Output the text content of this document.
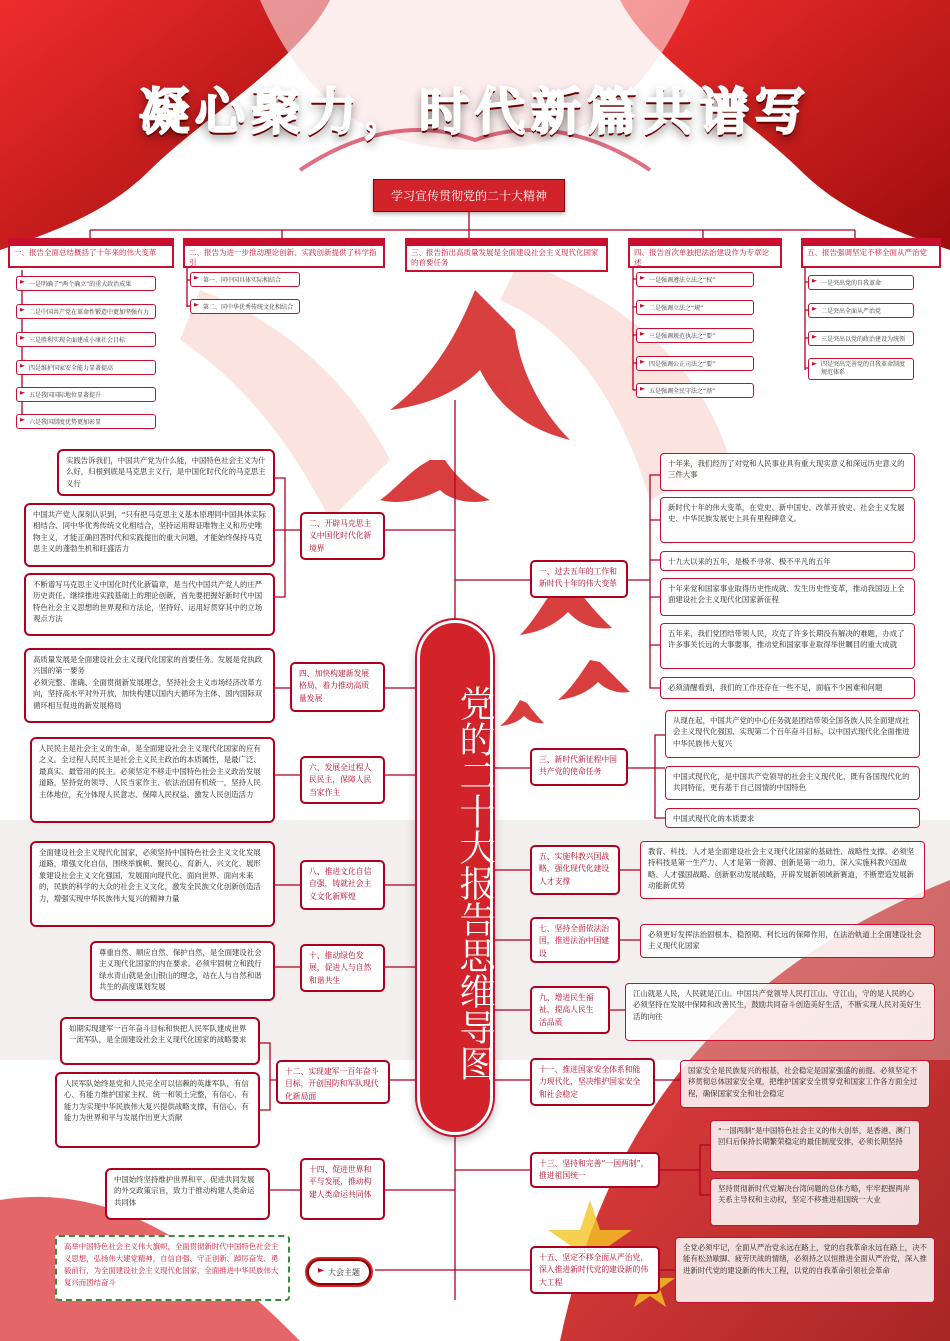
凝心聚力，时代新篇共谱写
学习宣传贯彻党的二十大精神
一、报告全面总结概括了十年来的伟大变革	二、报告为进一步推动理论创新、实践创新提供了科学指引
三、报告指出高质量发展是全面建设社会主义现代化国家的首要任务
四、报告首次单独把法治建设作为专章论述
五、报告强调坚定不移全面从严治党
一是明确了“两个确立”的重大政治成果
二是中国共产党在革命性锻造中更加坚强有力
三是胜利实现全面建成小康社会目标
四是维护国家安全能力显著提高
五是我国国际地位显著提升
六是我国制度优势更加彰显
第一、同中国具体实际相结合
第二、同中华优秀传统文化相结合
一是强调遵法立法之“权”
二是强调立法之“规”
三是强调规范执法之“要”
四是强调公正司法之“要”
五是强调全民守法之“基”
一是突出党的自我革命
二是突出全面从严治党
三是突出以党的政治建设为统领
四是突出完善党的自我革命制度规范体系
党的二十大报告思维导图
二、开辟马克思主义中国化时代化新境界
实践告诉我们，中国共产党为什么能，中国特色社会主义为什么好，归根到底是马克思主义行，是中国化时代化的马克思主义行
中国共产党人深刻认识到，“只有把马克思主义基本原理同中国具体实际相结合、同中华优秀传统文化相结合，坚持运用辩证唯物主义和历史唯物主义，才能正确回答时代和实践提出的重大问题，才能始终保持马克思主义的蓬勃生机和旺盛活力
不断谱写马克思主义中国化时代化新篇章，是当代中国共产党人的庄严历史责任。继续推进实践基础上的理论创新，首先要把握好新时代中国特色社会主义思想的世界观和方法论，坚持好、运用好贯穿其中的立场观点方法
四、加快构建新发展格局，着力推动高质量发展
高质量发展是全面建设社会主义现代化国家的首要任务。发展是党执政兴国的第一要务
必须完整、准确、全面贯彻新发展理念，坚持社会主义市场经济改革方向，坚持高水平对外开放，加快构建以国内大循环为主体、国内国际双循环相互促进的新发展格局
六、发展全过程人民民主，保障人民当家作主
人民民主是社会主义的生命，是全面建设社会主义现代化国家的应有之义。全过程人民民主是社会主义民主政治的本质属性，是最广泛、最真实、最管用的民主。必须坚定不移走中国特色社会主义政治发展道路，坚持党的领导、人民当家作主、依法治国有机统一，坚持人民主体地位，充分体现人民意志、保障人民权益、激发人民创造活力
八、推进文化自信自强，铸就社会主义文化新辉煌
全面建设社会主义现代化国家，必须坚持中国特色社会主义文化发展道路，增强文化自信，围绕举旗帜、聚民心、育新人、兴文化、展形象建设社会主义文化强国，发展面向现代化、面向世界、面向未来的，民族的科学的大众的社会主义文化，激发全民族文化创新创造活力，增强实现中华民族伟大复兴的精神力量
十、推动绿色发展，促进人与自然和谐共生
尊重自然、顺应自然、保护自然，是全面建设社会主义现代化国家的内在要求。必须牢固树立和践行绿水青山就是金山银山的理念，站在人与自然和谐共生的高度谋划发展
十二、实现建军一百年奋斗目标，开创国防和军队现代化新局面
如期实现建军一百年奋斗目标和快把人民军队建成世界一流军队，是全面建设社会主义现代化国家的战略要求
人民军队始终是党和人民完全可以信赖的英雄军队，有信心、有能力维护国家主权、统一和领土完整，有信心、有能力为实现中华民族伟大复兴提供战略支撑，有信心、有能力为世界和平与发展作出更大贡献
十四、促进世界和平与发展，推动构建人类命运共同体
中国始终坚持维护世界和平、促进共同发展的外交政策宗旨，致力于推动构建人类命运共同体
高举中国特色社会主义伟大旗帜，全面贯彻新时代中国特色社会主义思想，弘扬伟大建党精神，自信自强、守正创新、踔厉奋发、勇毅前行，为全面建设社会主义现代化国家、全面推进中华民族伟大复兴而团结奋斗
大会主题
一、过去五年的工作和新时代十年的伟大变革
十年来，我们经历了对党和人民事业具有重大现实意义和深远历史意义的三件大事
新时代十年的伟大变革，在党史、新中国史、改革开放史、社会主义发展史、中华民族发展史上具有里程碑意义。
十九大以来的五年，是极不寻常、极不平凡的五年
十年来党和国家事业取得历史性成就、发生历史性变革，推动我国迈上全面建设社会主义现代化国家新征程
五年来，我们党团结带领人民，攻克了许多长期没有解决的难题，办成了许多事关长远的大事要事，推动党和国家事业取得举世瞩目的重大成就
必须清醒看到，我们的工作还存在一些不足，面临不少困难和问题
三、新时代新征程中国共产党的使命任务
从现在起，中国共产党的中心任务就是团结带领全国各族人民全面建成社会主义现代化强国、实现第二个百年奋斗目标，以中国式现代化全面推进中华民族伟大复兴
中国式现代化，是中国共产党领导的社会主义现代化，既有各国现代化的共同特征，更有基于自己国情的中国特色
中国式现代化的本质要求
五、实施科教兴国战略，强化现代化建设人才支撑
教育、科技、人才是全面建设社会主义现代化国家的基础性、战略性支撑。必须坚持科技是第一生产力、人才是第一资源、创新是第一动力，深入实施科教兴国战略、人才强国战略、创新驱动发展战略，开辟发展新领域新赛道，不断塑造发展新动能新优势
七、坚持全面依法治国，推进法治中国建设
必须更好发挥法治固根本、稳预期、利长远的保障作用，在法治轨道上全面建设社会主义现代化国家
九、增进民生福祉，提高人民生活品质
江山就是人民，人民就是江山。中国共产党领导人民打江山、守江山，守的是人民的心
必须坚持在发展中保障和改善民生，鼓励共同奋斗创造美好生活，不断实现人民对美好生活的向往
十一、推进国家安全体系和能力现代化，坚决维护国家安全和社会稳定
国家安全是民族复兴的根基，社会稳定是国家强盛的前提。必须坚定不移贯彻总体国家安全观，把维护国家安全贯穿党和国家工作各方面全过程，确保国家安全和社会稳定
十三、坚持和完善“一国两制”，推进祖国统一
“一国两制”是中国特色社会主义的伟大创举，是香港、澳门回归后保持长期繁荣稳定的最佳制度安排，必须长期坚持
坚持贯彻新时代党解决台湾问题的总体方略，牢牢把握两岸关系主导权和主动权，坚定不移推进祖国统一大业
十五、坚定不移全面从严治党，深入推进新时代党的建设新的伟大工程
全党必须牢记，全面从严治党永远在路上，党的自我革命永远在路上，决不能有松劲歇脚、疲劳厌战的情绪，必须持之以恒推进全面从严治党，深入推进新时代党的建设新的伟大工程，以党的自我革命引领社会革命
